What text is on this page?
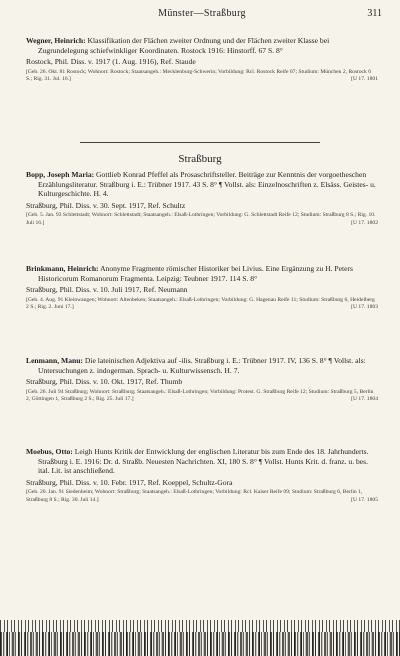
Münster—Straßburg	311
Wegner, Heinrich: Klassifikation der Flächen zweiter Ordnung und der Flächen zweiter Klasse bei Zugrundelegung schiefwinkliger Koordinaten. Rostock 1916: Hinstorff. 67 S. 8°
Rostock, Phil. Diss. v. 1917 (1. Aug. 1916), Ref. Staude
[Geb. 26. Okt. 81 Rostock; Wohnort: Rostock; Staatsangeh.: Mecklenburg-Schwerin; Vorbildung: Rcl. Rostock Reife 07; Studium: München 2, Rostock 6 S.; Rig. 31. Jul. 16.]	[U 17. 1801
Straßburg
Bopp, Joseph Maria: Gottlieb Konrad Pfeffel als Prosaschriftsteller. Beiträge zur Kenntnis der vorgoetheschen Erzählungsliteratur. Straßburg i. E.: Trübner 1917. 43 S. 8° ¶ Vollst. als: Einzelnoschriften z. Elsäss. Geistes- u. Kulturgeschichte. H. 4.
Straßburg, Phil. Diss. v. 30. Sept. 1917, Ref. Schultz
[Geb. 5. Jan. 93 Schlettstadt; Wohnort: Schlettstadt; Staatsangeh.: Elsaß-Lothringen; Vorbildung: G. Schlettstadt Reife 12; Studium: Straßburg 8 S.; Rig. 10. Juli 16.]	[U 17. 1802
Brinkmann, Heinrich: Anonyme Fragmente römischer Historiker bei Livius. Eine Ergänzung zu H. Peters Historicorum Romanorum Fragmenta. Leipzig: Teubner 1917. 114 S. 8°
Straßburg, Phil. Diss. v. 10. Juli 1917, Ref. Neumann
[Geb. 4. Aug. 91 Kleinwangen; Wohnort: Altenbeken; Staatsangeh.: Elsaß-Lothringen; Vorbildung: G. Hagenau Reife 11; Studium: Straßburg 6, Heidelberg 2 S.; Rig. 2. Juni 17.]	[U 17. 1803
Lenmann, Manu: Die lateinischen Adjektiva auf -ilis. Straßburg i. E.: Trübner 1917. IV, 136 S. 8° ¶ Vollst. als: Untersuchungen z. indogerman. Sprach- u. Kulturwissensch. H. 7.
Straßburg, Phil. Diss. v. 10. Okt. 1917, Ref. Thumb
[Geb. 26. Juli 94 Straßburg; Wohnort: Straßburg; Staatsangeh.: Elsaß-Lothringen; Vorbildung: Protest. G. Straßburg Reife 12; Studium: Straßburg 5, Berlin 2, Göttingen 1, Straßburg 2 S.; Rig. 25. Juli 17.]	[U 17. 1804
Moebus, Otto: Leigh Hunts Kritik der Entwicklung der englischen Literatur bis zum Ende des 18. Jahrhunderts. Straßburg i. E. 1916: Dr. d. Straßb. Neuesten Nachrichten. XI, 180 S. 8° ¶ Vollst. Hunts Krit. d. franz. u. bes. ital. Lit. ist anschließend.
Straßburg, Phil. Diss. v. 10. Febr. 1917, Ref. Koeppel, Schultz-Gora
[Geb. 20. Jan. 91 Siedenheim; Wohnort: Straßburg; Staatsangeh.: Elsaß-Lothringen; Vorbildung: Rcl. Kaiser Reife 09; Studium: Straßburg 6, Berlin 1, Straßburg 8 S.; Rig. 30. Juli 14.]	[U 17. 1805
